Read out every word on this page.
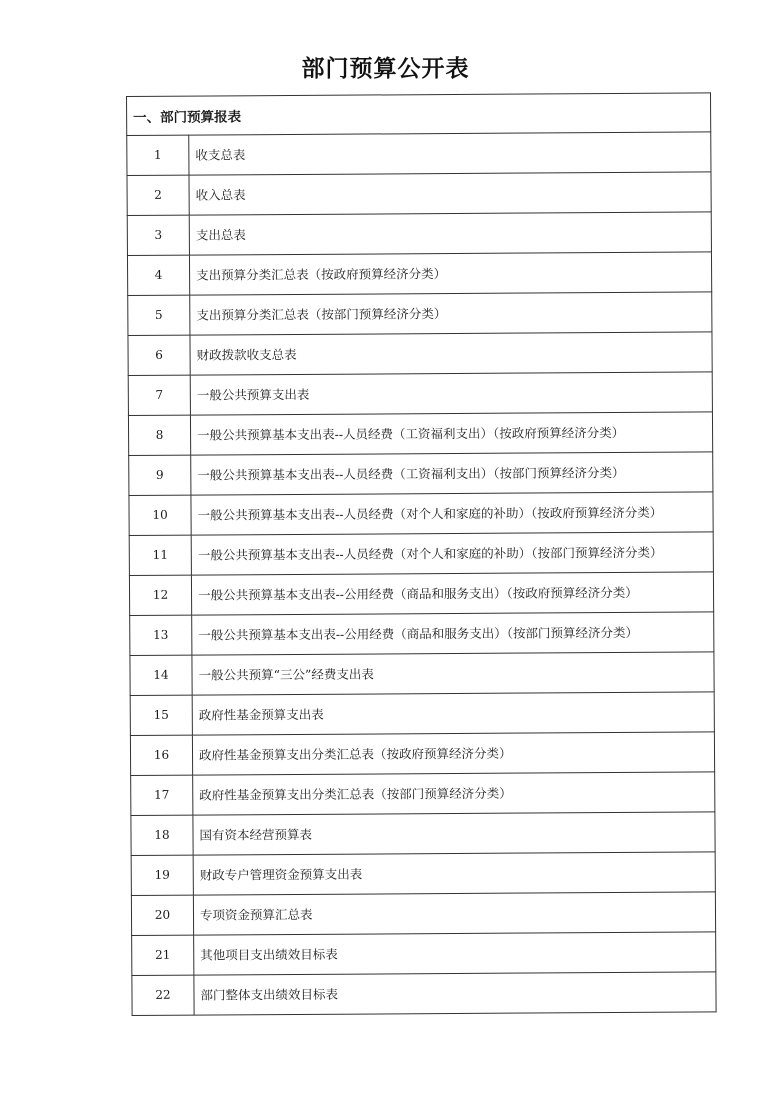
部门预算公开表
一、部门预算报表
1	收支总表
2	收入总表
3	支出总表
4	支出预算分类汇总表（按政府预算经济分类）
5	支出预算分类汇总表（按部门预算经济分类）
6	财政拨款收支总表
7	一般公共预算支出表
8	一般公共预算基本支出表--人员经费（工资福利支出）（按政府预算经济分类）
9	一般公共预算基本支出表--人员经费（工资福利支出）（按部门预算经济分类）
10	一般公共预算基本支出表--人员经费（对个人和家庭的补助）（按政府预算经济分类）
11	一般公共预算基本支出表--人员经费（对个人和家庭的补助）（按部门预算经济分类）
12	一般公共预算基本支出表--公用经费（商品和服务支出）（按政府预算经济分类）
13	一般公共预算基本支出表--公用经费（商品和服务支出）（按部门预算经济分类）
14	一般公共预算“三公”经费支出表
15	政府性基金预算支出表
16	政府性基金预算支出分类汇总表（按政府预算经济分类）
17	政府性基金预算支出分类汇总表（按部门预算经济分类）
18	国有资本经营预算表
19	财政专户管理资金预算支出表
20	专项资金预算汇总表
21	其他项目支出绩效目标表
22	部门整体支出绩效目标表
